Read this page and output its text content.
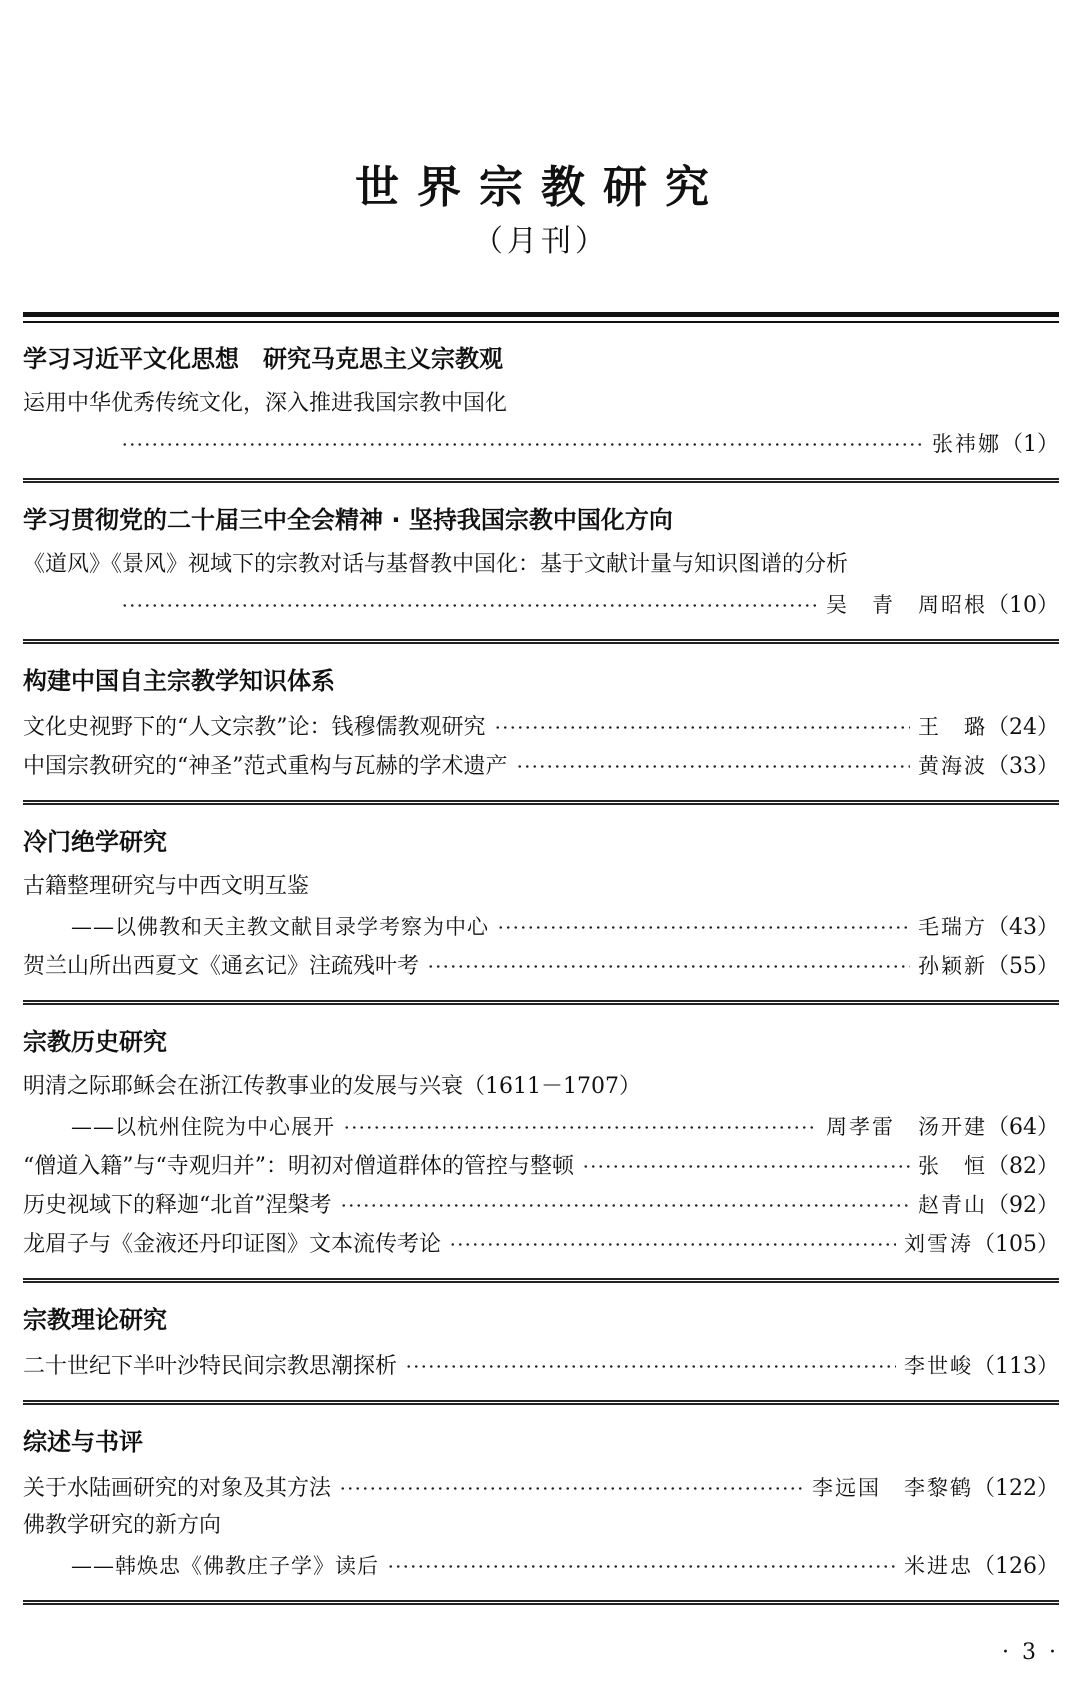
世界宗教研究
（月刊）
学习习近平文化思想　研究马克思主义宗教观
运用中华优秀传统文化，深入推进我国宗教中国化
张祎娜 （1）
学习贯彻党的二十届三中全会精神 · 坚持我国宗教中国化方向
《道风》《景风》视域下的宗教对话与基督教中国化：基于文献计量与知识图谱的分析
吴　青　周昭根 （10）
构建中国自主宗教学知识体系
文化史视野下的“人文宗教”论：钱穆儒教观研究	王　璐 （24）
中国宗教研究的“神圣”范式重构与瓦赫的学术遗产	黄海波 （33）
冷门绝学研究
古籍整理研究与中西文明互鉴
——以佛教和天主教文献目录学考察为中心	毛瑞方 （43）
贺兰山所出西夏文《通玄记》注疏残叶考	孙颖新 （55）
宗教历史研究
明清之际耶稣会在浙江传教事业的发展与兴衰（1611－1707）
——以杭州住院为中心展开	周孝雷　汤开建 （64）
“僧道入籍”与“寺观归并”：明初对僧道群体的管控与整顿	张　恒 （82）
历史视域下的释迦“北首”涅槃考	赵青山 （92）
龙眉子与《金液还丹印证图》文本流传考论	刘雪涛 （105）
宗教理论研究
二十世纪下半叶沙特民间宗教思潮探析	李世峻 （113）
综述与书评
关于水陆画研究的对象及其方法	李远国　李黎鹤 （122）
佛教学研究的新方向
——韩焕忠《佛教庄子学》读后	米进忠 （126）
· 3 ·
